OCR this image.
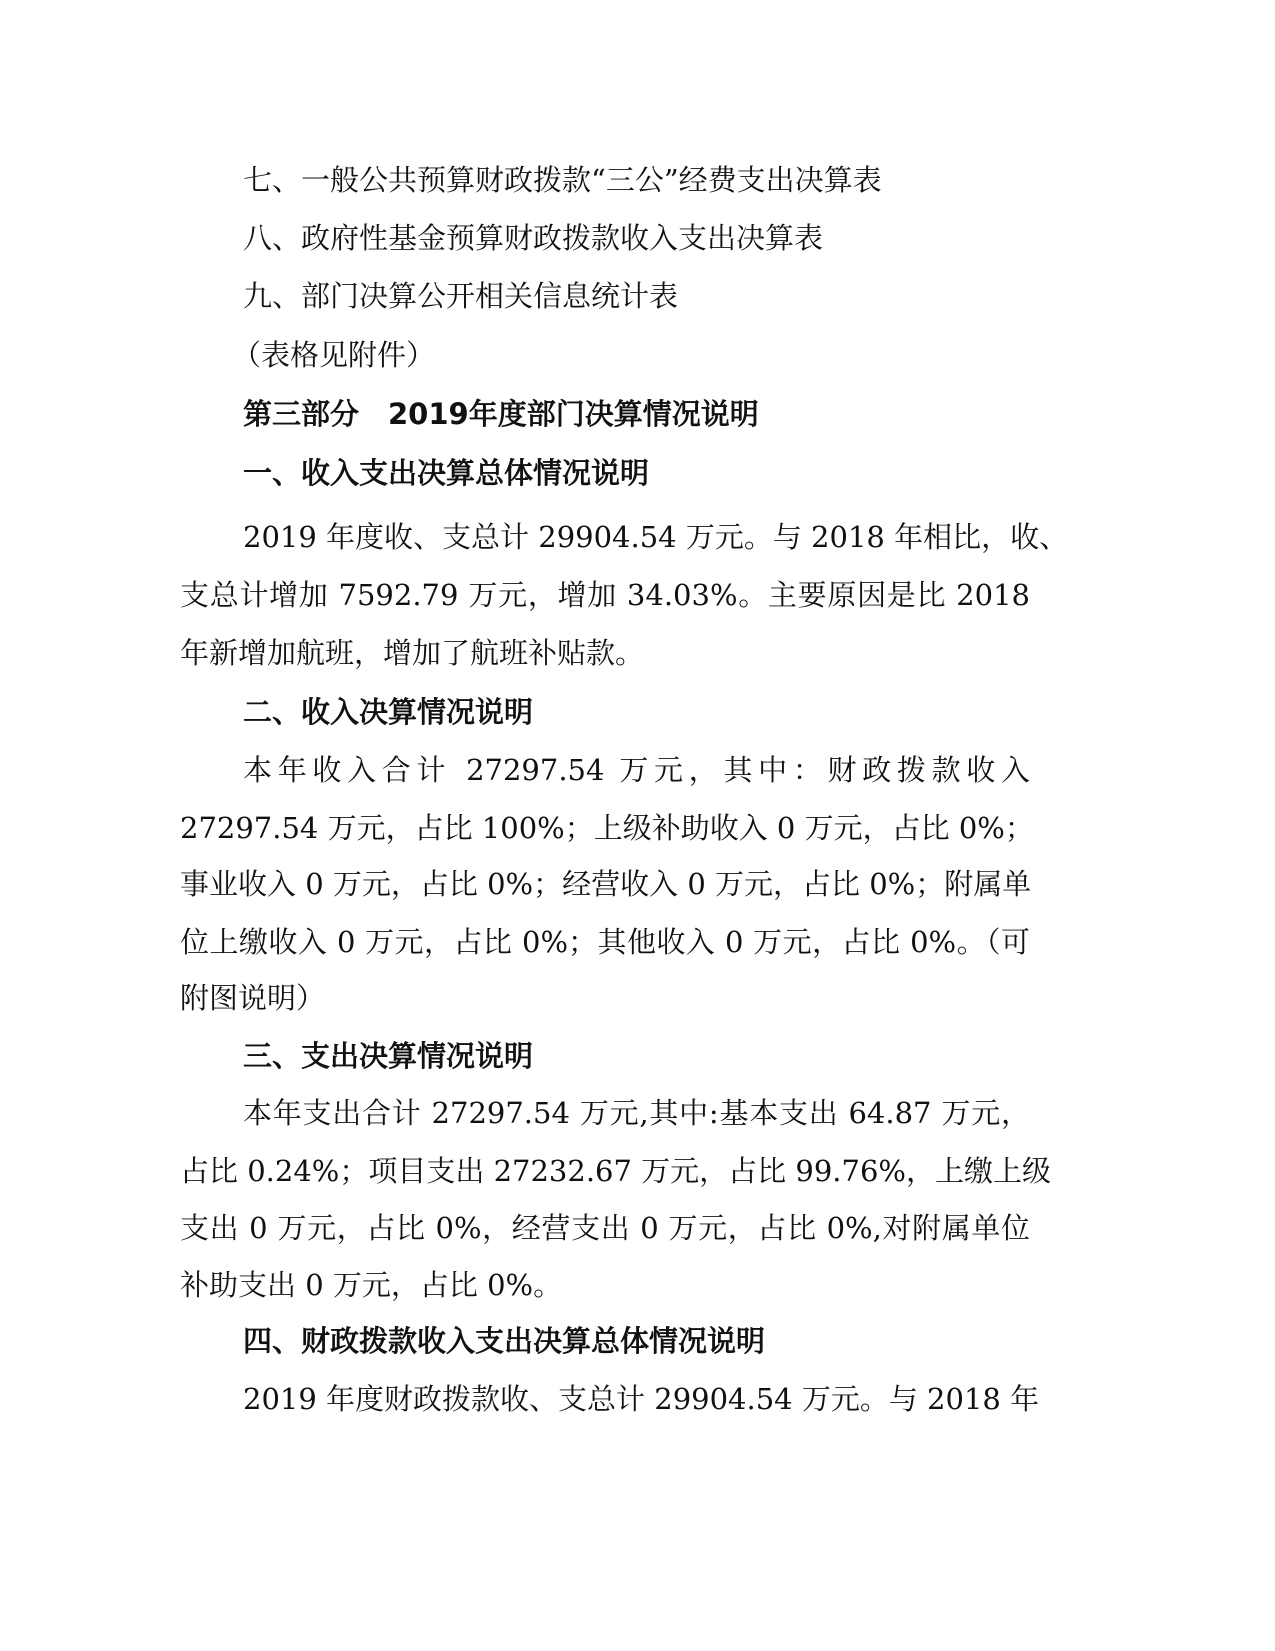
七、一般公共预算财政拨款“三公”经费支出决算表
八、政府性基金预算财政拨款收入支出决算表
九、部门决算公开相关信息统计表
（表格见附件）
第三部分　2019年度部门决算情况说明
一、收入支出决算总体情况说明
2019 年度收、支总计 29904.54 万元。与 2018 年相比，收、
支总计增加 7592.79 万元，增加 34.03%。主要原因是比 2018
年新增加航班，增加了航班补贴款。
二、收入决算情况说明
本年收入合计 27297.54 万元，其中：财政拨款收入
27297.54 万元，占比 100%；上级补助收入 0 万元，占比 0%；
事业收入 0 万元，占比 0%；经营收入 0 万元，占比 0%；附属单
位上缴收入 0 万元，占比 0%；其他收入 0 万元，占比 0%。（可
附图说明）
三、支出决算情况说明
本年支出合计 27297.54 万元,其中:基本支出 64.87 万元，
占比 0.24%；项目支出 27232.67 万元，占比 99.76%，上缴上级
支出 0 万元，占比 0%，经营支出 0 万元，占比 0%,对附属单位
补助支出 0 万元，占比 0%。
四、财政拨款收入支出决算总体情况说明
2019 年度财政拨款收、支总计 29904.54 万元。与 2018 年
